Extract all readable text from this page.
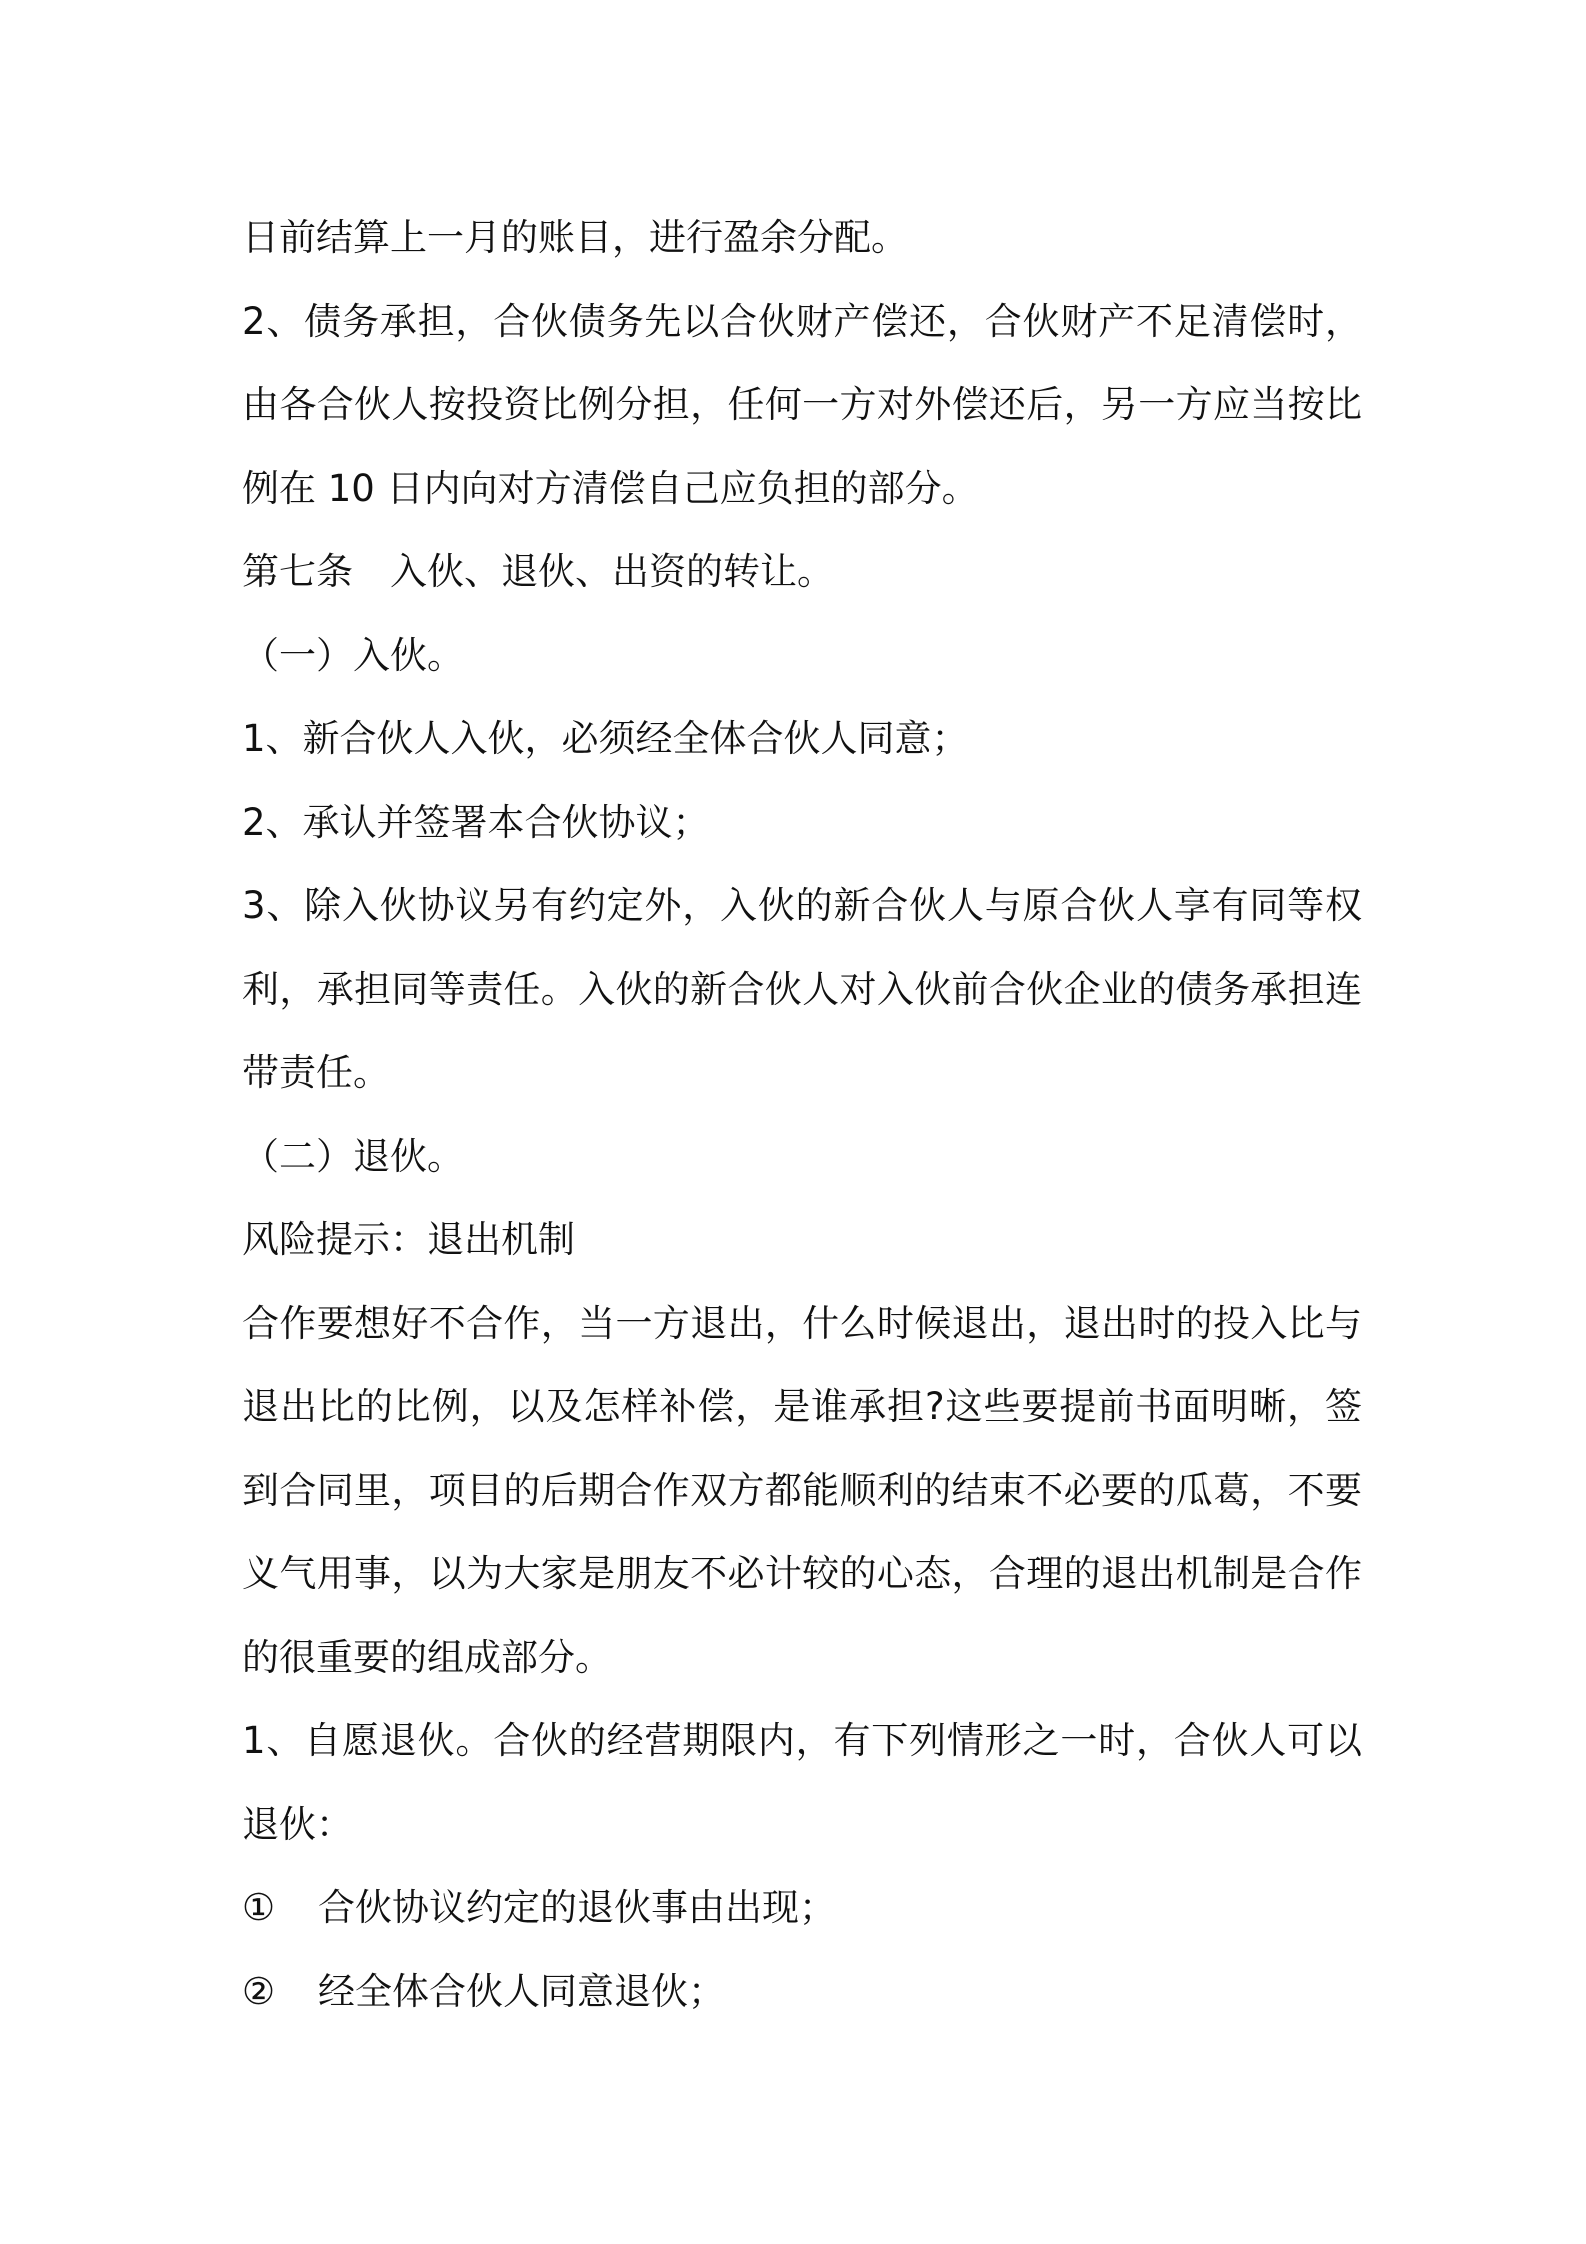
日前结算上一月的账目，进行盈余分配。
2、债务承担，合伙债务先以合伙财产偿还，合伙财产不足清偿时，
由各合伙人按投资比例分担，任何一方对外偿还后，另一方应当按比
例在 10 日内向对方清偿自己应负担的部分。
第七条　入伙、退伙、出资的转让。
（一）入伙。
1、新合伙人入伙，必须经全体合伙人同意；
2、承认并签署本合伙协议；
3、除入伙协议另有约定外，入伙的新合伙人与原合伙人享有同等权
利，承担同等责任。入伙的新合伙人对入伙前合伙企业的债务承担连
带责任。
（二）退伙。
风险提示：退出机制
合作要想好不合作，当一方退出，什么时候退出，退出时的投入比与
退出比的比例，以及怎样补偿，是谁承担?这些要提前书面明晰，签
到合同里，项目的后期合作双方都能顺利的结束不必要的瓜葛，不要
义气用事，以为大家是朋友不必计较的心态，合理的退出机制是合作
的很重要的组成部分。
1、自愿退伙。合伙的经营期限内，有下列情形之一时，合伙人可以
退伙：
①	合伙协议约定的退伙事由出现；
②	经全体合伙人同意退伙；
